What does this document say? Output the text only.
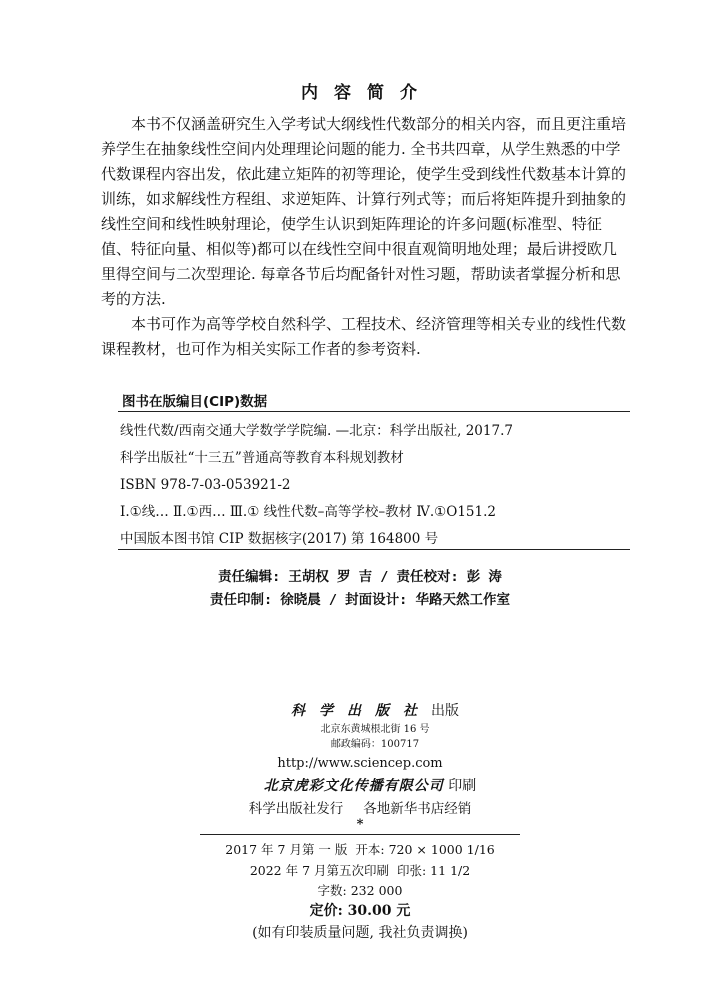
内容简介

本书不仅涵盖研究生入学考试大纲线性代数部分的相关内容，而且更注重培养学生在抽象线性空间内处理理论问题的能力. 全书共四章，从学生熟悉的中学代数课程内容出发，依此建立矩阵的初等理论，使学生受到线性代数基本计算的训练，如求解线性方程组、求逆矩阵、计算行列式等；而后将矩阵提升到抽象的线性空间和线性映射理论，使学生认识到矩阵理论的许多问题(标准型、特征值、特征向量、相似等)都可以在线性空间中很直观简明地处理；最后讲授欧几里得空间与二次型理论. 每章各节后均配备针对性习题，帮助读者掌握分析和思考的方法.

本书可作为高等学校自然科学、工程技术、经济管理等相关专业的线性代数课程教材，也可作为相关实际工作者的参考资料.

图书在版编目(CIP)数据
线性代数/西南交通大学数学学院编. —北京：科学出版社, 2017.7
科学出版社“十三五”普通高等教育本科规划教材
ISBN 978-7-03-053921-2
Ⅰ.①线… Ⅱ.①西… Ⅲ.① 线性代数–高等学校–教材 Ⅳ.①O151.2
中国版本图书馆 CIP 数据核字(2017) 第 164800 号
责任编辑: 王胡权 罗 吉 / 责任校对: 彭 涛
责任印制: 徐晓晨 / 封面设计: 华路天然工作室
科学出版社出版
北京东黄城根北街 16 号
邮政编码：100717
http://www.sciencep.com
北京虎彩文化传播有限公司 印刷
科学出版社发行 各地新华书店经销
*
2017 年 7 月第 一 版 开本: 720 × 1000 1/16
2022 年 7 月第五次印刷 印张: 11 1/2
字数: 232 000
定价: 30.00 元
(如有印装质量问题, 我社负责调换)
